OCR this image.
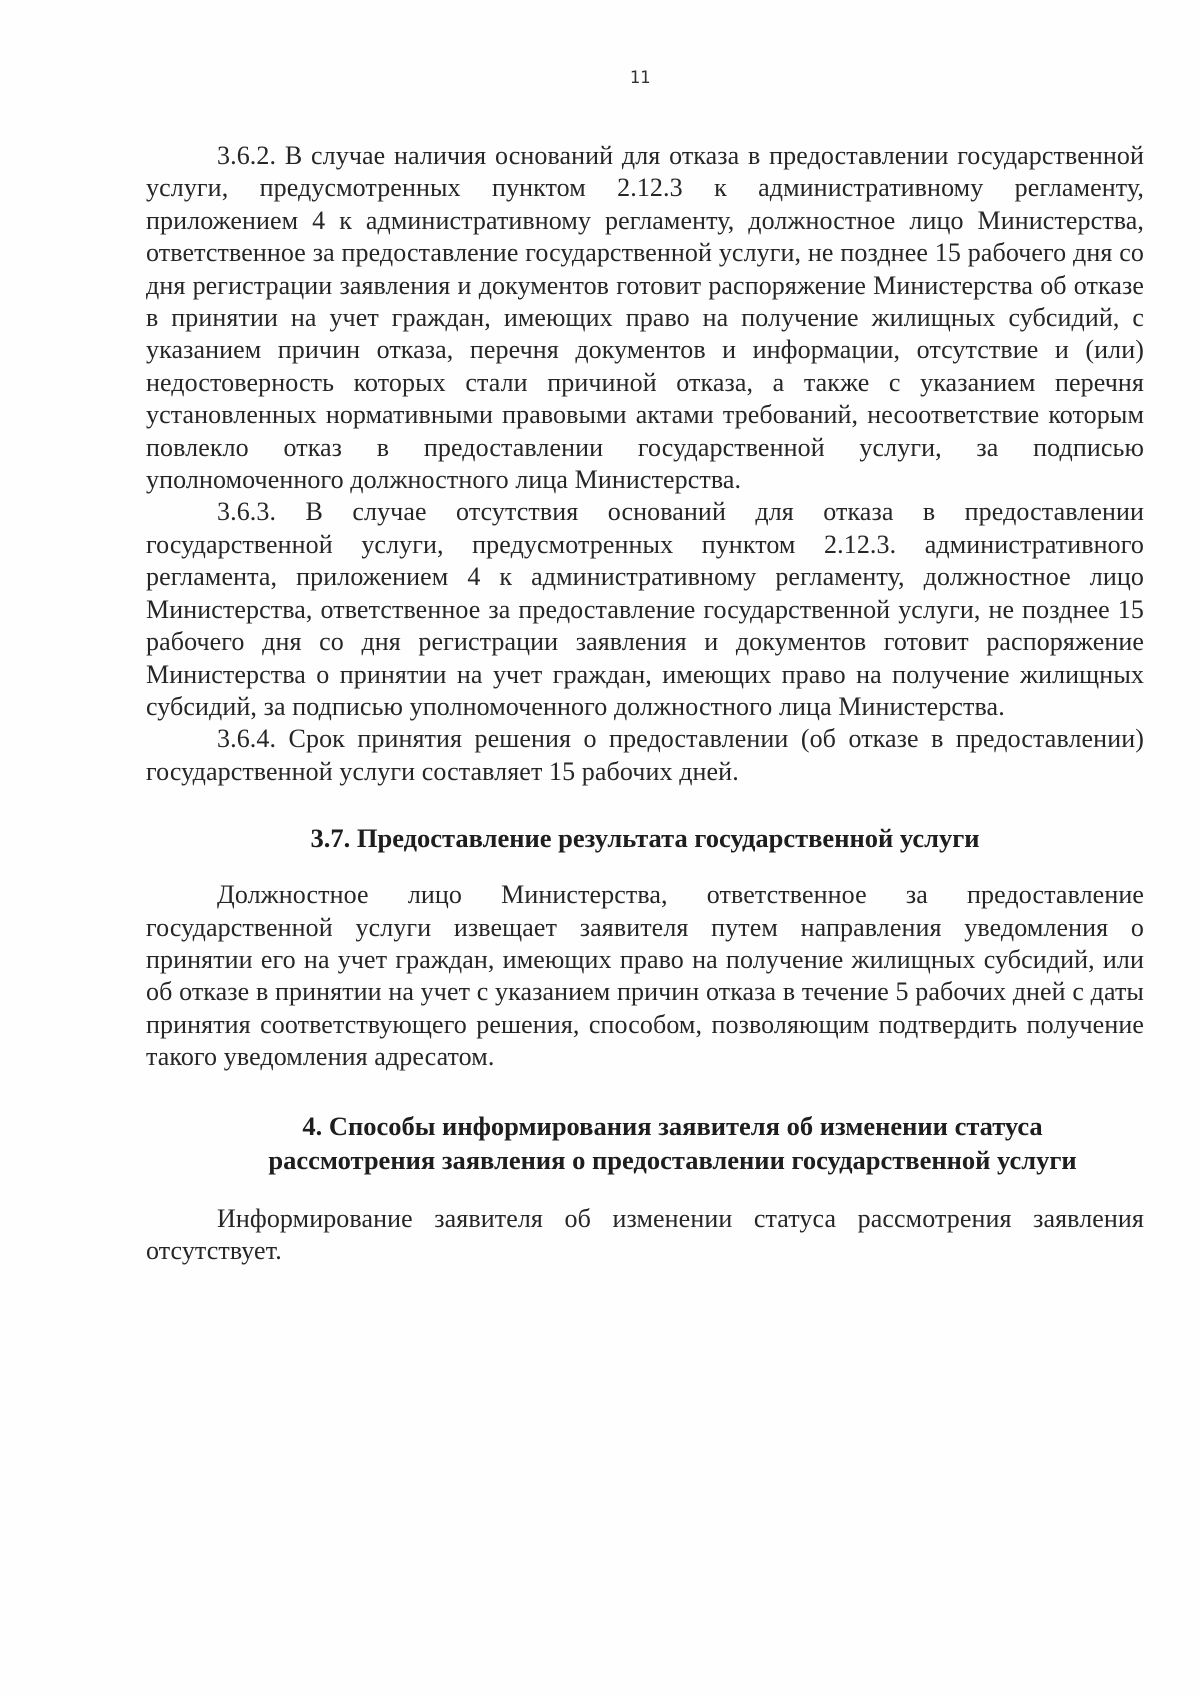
11

3.6.2. В случае наличия оснований для отказа в предоставлении государственной услуги, предусмотренных пунктом 2.12.3 к административному регламенту, приложением 4 к административному регламенту, должностное лицо Министерства, ответственное за предоставление государственной услуги, не позднее 15 рабочего дня со дня регистрации заявления и документов готовит распоряжение Министерства об отказе в принятии на учет граждан, имеющих право на получение жилищных субсидий, с указанием причин отказа, перечня документов и информации, отсутствие и (или) недостоверность которых стали причиной отказа, а также с указанием перечня установленных нормативными правовыми актами требований, несоответствие которым повлекло отказ в предоставлении государственной услуги, за подписью уполномоченного должностного лица Министерства.

3.6.3. В случае отсутствия оснований для отказа в предоставлении государственной услуги, предусмотренных пунктом 2.12.3. административного регламента, приложением 4 к административному регламенту, должностное лицо Министерства, ответственное за предоставление государственной услуги, не позднее 15 рабочего дня со дня регистрации заявления и документов готовит распоряжение Министерства о принятии на учет граждан, имеющих право на получение жилищных субсидий, за подписью уполномоченного должностного лица Министерства.

3.6.4. Срок принятия решения о предоставлении (об отказе в предоставлении) государственной услуги составляет 15 рабочих дней.

3.7. Предоставление результата государственной услуги

Должностное лицо Министерства, ответственное за предоставление государственной услуги извещает заявителя путем направления уведомления о принятии его на учет граждан, имеющих право на получение жилищных субсидий, или об отказе в принятии на учет с указанием причин отказа в течение 5 рабочих дней с даты принятия соответствующего решения, способом, позволяющим подтвердить получение такого уведомления адресатом.

4. Способы информирования заявителя об изменении статуса
рассмотрения заявления о предоставлении государственной услуги

Информирование заявителя об изменении статуса рассмотрения заявления отсутствует.
